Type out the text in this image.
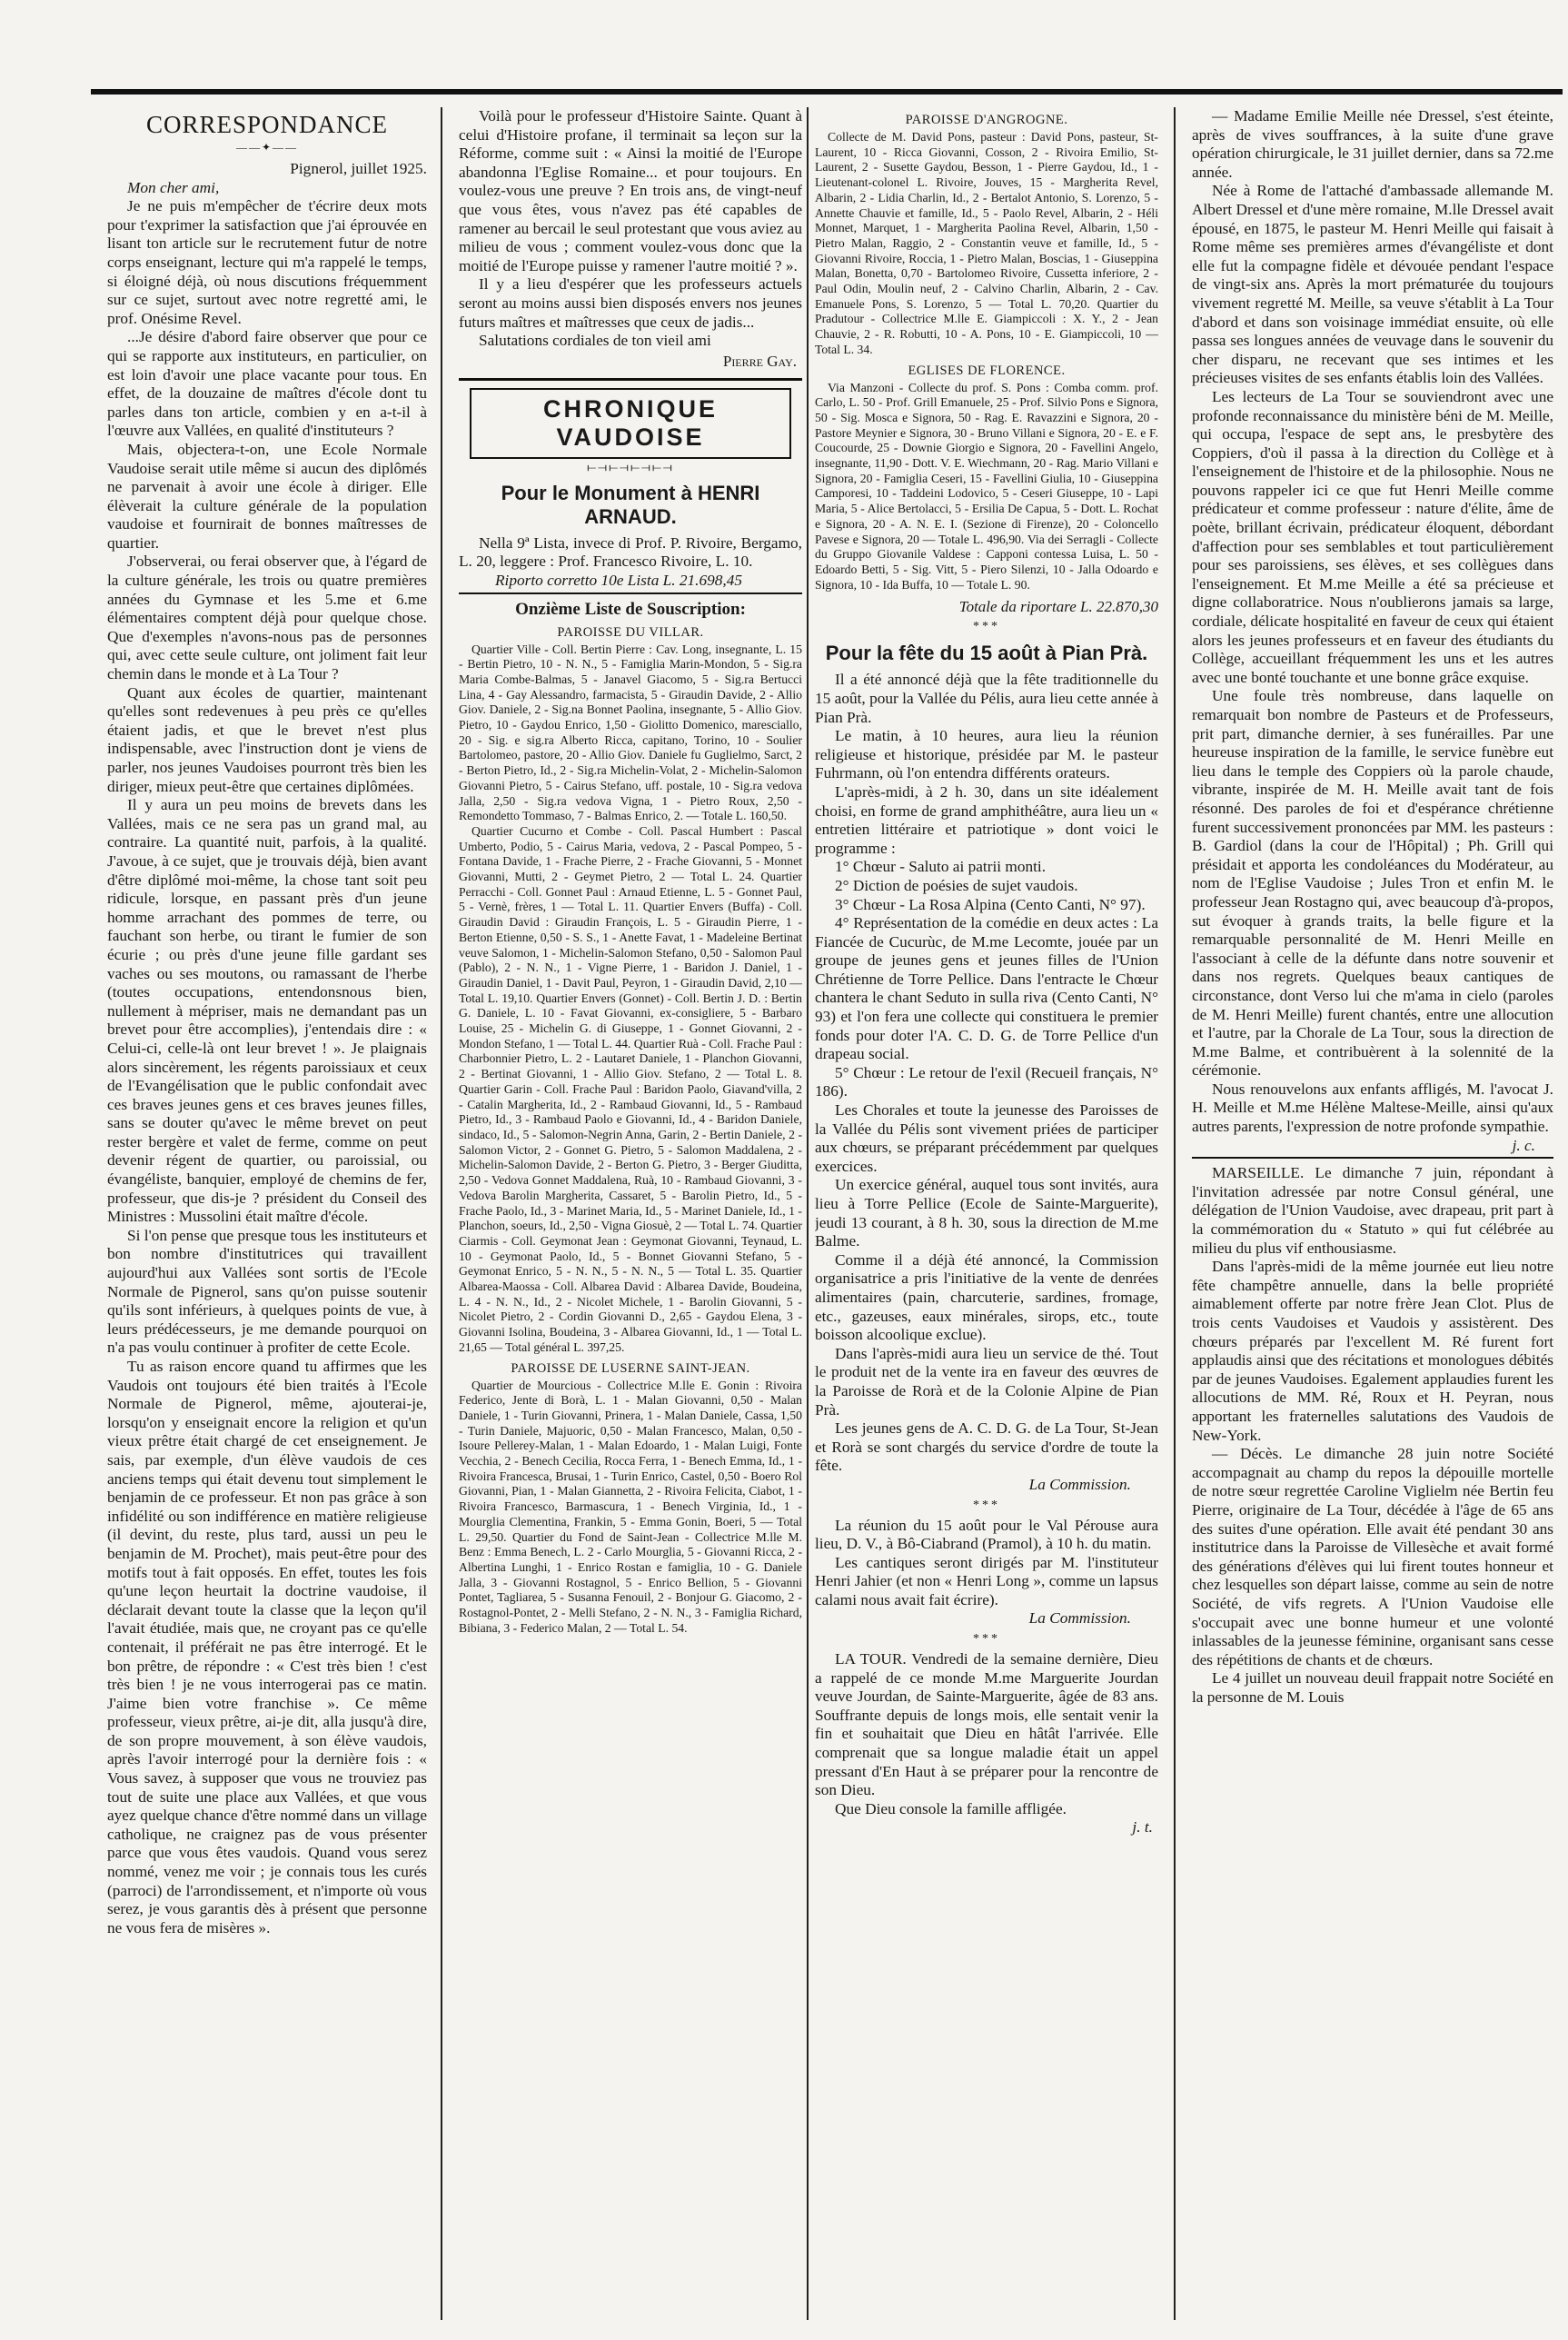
CORRESPONDANCE
——✦——

Pignerol, juillet 1925.

Mon cher ami,

Je ne puis m'empêcher de t'écrire deux mots pour t'exprimer la satisfaction que j'ai éprouvée en lisant ton article sur le recrutement futur de notre corps enseignant, lecture qui m'a rappelé le temps, si éloigné déjà, où nous discutions fréquemment sur ce sujet, surtout avec notre regretté ami, le prof. Onésime Revel.

...Je désire d'abord faire observer que pour ce qui se rapporte aux instituteurs, en particulier, on est loin d'avoir une place vacante pour tous. En effet, de la douzaine de maîtres d'école dont tu parles dans ton article, combien y en a-t-il à l'œuvre aux Vallées, en qualité d'instituteurs ?

Mais, objectera-t-on, une Ecole Normale Vaudoise serait utile même si aucun des diplômés ne parvenait à avoir une école à diriger. Elle élèverait la culture générale de la population vaudoise et fournirait de bonnes maîtresses de quartier.

J'observerai, ou ferai observer que, à l'égard de la culture générale, les trois ou quatre premières années du Gymnase et les 5.me et 6.me élémentaires comptent déjà pour quelque chose. Que d'exemples n'avons-nous pas de personnes qui, avec cette seule culture, ont joliment fait leur chemin dans le monde et à La Tour ?

Quant aux écoles de quartier, maintenant qu'elles sont redevenues à peu près ce qu'elles étaient jadis, et que le brevet n'est plus indispensable, avec l'instruction dont je viens de parler, nos jeunes Vaudoises pourront très bien les diriger, mieux peut-être que certaines diplômées.

Il y aura un peu moins de brevets dans les Vallées, mais ce ne sera pas un grand mal, au contraire. La quantité nuit, parfois, à la qualité. J'avoue, à ce sujet, que je trouvais déjà, bien avant d'être diplômé moi-même, la chose tant soit peu ridicule, lorsque, en passant près d'un jeune homme arrachant des pommes de terre, ou fauchant son herbe, ou tirant le fumier de son écurie ; ou près d'une jeune fille gardant ses vaches ou ses moutons, ou ramassant de l'herbe (toutes occupations, entendonsnous bien, nullement à mépriser, mais ne demandant pas un brevet pour être accomplies), j'entendais dire : « Celui-ci, celle-là ont leur brevet ! ». Je plaignais alors sincèrement, les régents paroissiaux et ceux de l'Evangélisation que le public confondait avec ces braves jeunes gens et ces braves jeunes filles, sans se douter qu'avec le même brevet on peut rester bergère et valet de ferme, comme on peut devenir régent de quartier, ou paroissial, ou évangéliste, banquier, employé de chemins de fer, professeur, que dis-je ? président du Conseil des Ministres : Mussolini était maître d'école.

Si l'on pense que presque tous les instituteurs et bon nombre d'institutrices qui travaillent aujourd'hui aux Vallées sont sortis de l'Ecole Normale de Pignerol, sans qu'on puisse soutenir qu'ils sont inférieurs, à quelques points de vue, à leurs prédécesseurs, je me demande pourquoi on n'a pas voulu continuer à profiter de cette Ecole.

Tu as raison encore quand tu affirmes que les Vaudois ont toujours été bien traités à l'Ecole Normale de Pignerol, même, ajouterai-je, lorsqu'on y enseignait encore la religion et qu'un vieux prêtre était chargé de cet enseignement. Je sais, par exemple, d'un élève vaudois de ces anciens temps qui était devenu tout simplement le benjamin de ce professeur. Et non pas grâce à son infidélité ou son indifférence en matière religieuse (il devint, du reste, plus tard, aussi un peu le benjamin de M. Prochet), mais peut-être pour des motifs tout à fait opposés. En effet, toutes les fois qu'une leçon heurtait la doctrine vaudoise, il déclarait devant toute la classe que la leçon qu'il l'avait étudiée, mais que, ne croyant pas ce qu'elle contenait, il préférait ne pas être interrogé. Et le bon prêtre, de répondre : « C'est très bien ! c'est très bien ! je ne vous interrogerai pas ce matin. J'aime bien votre franchise ». Ce même professeur, vieux prêtre, ai-je dit, alla jusqu'à dire, de son propre mouvement, à son élève vaudois, après l'avoir interrogé pour la dernière fois : « Vous savez, à supposer que vous ne trouviez pas tout de suite une place aux Vallées, et que vous ayez quelque chance d'être nommé dans un village catholique, ne craignez pas de vous présenter parce que vous êtes vaudois. Quand vous serez nommé, venez me voir ; je connais tous les curés (parroci) de l'arrondissement, et n'importe où vous serez, je vous garantis dès à présent que personne ne vous fera de misères ».

Voilà pour le professeur d'Histoire Sainte. Quant à celui d'Histoire profane, il terminait sa leçon sur la Réforme, comme suit : « Ainsi la moitié de l'Europe abandonna l'Eglise Romaine... et pour toujours. En voulez-vous une preuve ? En trois ans, de vingt-neuf que vous êtes, vous n'avez pas été capables de ramener au bercail le seul protestant que vous aviez au milieu de vous ; comment voulez-vous donc que la moitié de l'Europe puisse y ramener l'autre moitié ? ».

Il y a lieu d'espérer que les professeurs actuels seront au moins aussi bien disposés envers nos jeunes futurs maîtres et maîtresses que ceux de jadis...

Salutations cordiales de ton vieil ami

Pierre Gay.
CHRONIQUE VAUDOISE
⟝⟞⟝⟞⟝⟞⟝⟞
Pour le Monument à HENRI ARNAUD.

Nella 9ª Lista, invece di Prof. P. Rivoire, Bergamo, L. 20, leggere : Prof. Francesco Rivoire, L. 10.

Riporto corretto 10e Lista L. 21.698,45

Onzième Liste de Souscription:
PAROISSE DU VILLAR.

Quartier Ville - Coll. Bertin Pierre : Cav. Long, insegnante, L. 15 - Bertin Pietro, 10 - N. N., 5 - Famiglia Marin-Mondon, 5 - Sig.ra Maria Combe-Balmas, 5 - Janavel Giacomo, 5 - Sig.ra Bertucci Lina, 4 - Gay Alessandro, farmacista, 5 - Giraudin Davide, 2 - Allio Giov. Daniele, 2 - Sig.na Bonnet Paolina, insegnante, 5 - Allio Giov. Pietro, 10 - Gaydou Enrico, 1,50 - Giolitto Domenico, maresciallo, 20 - Sig. e sig.ra Alberto Ricca, capitano, Torino, 10 - Soulier Bartolomeo, pastore, 20 - Allio Giov. Daniele fu Guglielmo, Sarct, 2 - Berton Pietro, Id., 2 - Sig.ra Michelin-Volat, 2 - Michelin-Salomon Giovanni Pietro, 5 - Cairus Stefano, uff. postale, 10 - Sig.ra vedova Jalla, 2,50 - Sig.ra vedova Vigna, 1 - Pietro Roux, 2,50 - Remondetto Tommaso, 7 - Balmas Enrico, 2. — Totale L. 160,50.

Quartier Cucurno et Combe - Coll. Pascal Humbert : Pascal Umberto, Podio, 5 - Cairus Maria, vedova, 2 - Pascal Pompeo, 5 - Fontana Davide, 1 - Frache Pierre, 2 - Frache Giovanni, 5 - Monnet Giovanni, Mutti, 2 - Geymet Pietro, 2 — Total L. 24. Quartier Perracchi - Coll. Gonnet Paul : Arnaud Etienne, L. 5 - Gonnet Paul, 5 - Vernè, frères, 1 — Total L. 11. Quartier Envers (Buffa) - Coll. Giraudin David : Giraudin François, L. 5 - Giraudin Pierre, 1 - Berton Etienne, 0,50 - S. S., 1 - Anette Favat, 1 - Madeleine Bertinat veuve Salomon, 1 - Michelin-Salomon Stefano, 0,50 - Salomon Paul (Pablo), 2 - N. N., 1 - Vigne Pierre, 1 - Baridon J. Daniel, 1 - Giraudin Daniel, 1 - Davit Paul, Peyron, 1 - Giraudin David, 2,10 — Total L. 19,10. Quartier Envers (Gonnet) - Coll. Bertin J. D. : Bertin G. Daniele, L. 10 - Favat Giovanni, ex-consigliere, 5 - Barbaro Louise, 25 - Michelin G. di Giuseppe, 1 - Gonnet Giovanni, 2 - Mondon Stefano, 1 — Total L. 44. Quartier Ruà - Coll. Frache Paul : Charbonnier Pietro, L. 2 - Lautaret Daniele, 1 - Planchon Giovanni, 2 - Bertinat Giovanni, 1 - Allio Giov. Stefano, 2 — Total L. 8. Quartier Garin - Coll. Frache Paul : Baridon Paolo, Giavand'villa, 2 - Catalin Margherita, Id., 2 - Rambaud Giovanni, Id., 5 - Rambaud Pietro, Id., 3 - Rambaud Paolo e Giovanni, Id., 4 - Baridon Daniele, sindaco, Id., 5 - Salomon-Negrin Anna, Garin, 2 - Bertin Daniele, 2 - Salomon Victor, 2 - Gonnet G. Pietro, 5 - Salomon Maddalena, 2 - Michelin-Salomon Davide, 2 - Berton G. Pietro, 3 - Berger Giuditta, 2,50 - Vedova Gonnet Maddalena, Ruà, 10 - Rambaud Giovanni, 3 - Vedova Barolin Margherita, Cassaret, 5 - Barolin Pietro, Id., 5 - Frache Paolo, Id., 3 - Marinet Maria, Id., 5 - Marinet Daniele, Id., 1 - Planchon, soeurs, Id., 2,50 - Vigna Giosuè, 2 — Total L. 74. Quartier Ciarmis - Coll. Geymonat Jean : Geymonat Giovanni, Teynaud, L. 10 - Geymonat Paolo, Id., 5 - Bonnet Giovanni Stefano, 5 - Geymonat Enrico, 5 - N. N., 5 - N. N., 5 — Total L. 35. Quartier Albarea-Maossa - Coll. Albarea David : Albarea Davide, Boudeina, L. 4 - N. N., Id., 2 - Nicolet Michele, 1 - Barolin Giovanni, 5 - Nicolet Pietro, 2 - Cordin Giovanni D., 2,65 - Gaydou Elena, 3 - Giovanni Isolina, Boudeina, 3 - Albarea Giovanni, Id., 1 — Total L. 21,65 — Total général L. 397,25.

PAROISSE DE LUSERNE SAINT-JEAN.

Quartier de Mourcious - Collectrice M.lle E. Gonin : Rivoira Federico, Jente di Borà, L. 1 - Malan Giovanni, 0,50 - Malan Daniele, 1 - Turin Giovanni, Prinera, 1 - Malan Daniele, Cassa, 1,50 - Turin Daniele, Majuoric, 0,50 - Malan Francesco, Malan, 0,50 - Isoure Pellerey-Malan, 1 - Malan Edoardo, 1 - Malan Luigi, Fonte Vecchia, 2 - Benech Cecilia, Rocca Ferra, 1 - Benech Emma, Id., 1 - Rivoira Francesca, Brusai, 1 - Turin Enrico, Castel, 0,50 - Boero Rol Giovanni, Pian, 1 - Malan Giannetta, 2 - Rivoira Felicita, Ciabot, 1 - Rivoira Francesco, Barmascura, 1 - Benech Virginia, Id., 1 - Mourglia Clementina, Frankin, 5 - Emma Gonin, Boeri, 5 — Total L. 29,50. Quartier du Fond de Saint-Jean - Collectrice M.lle M. Benz : Emma Benech, L. 2 - Carlo Mourglia, 5 - Giovanni Ricca, 2 - Albertina Lunghi, 1 - Enrico Rostan e famiglia, 10 - G. Daniele Jalla, 3 - Giovanni Rostagnol, 5 - Enrico Bellion, 5 - Giovanni Pontet, Tagliarea, 5 - Susanna Fenouil, 2 - Bonjour G. Giacomo, 2 - Rostagnol-Pontet, 2 - Melli Stefano, 2 - N. N., 3 - Famiglia Richard, Bibiana, 3 - Federico Malan, 2 — Total L. 54.

PAROISSE D'ANGROGNE.

Collecte de M. David Pons, pasteur : David Pons, pasteur, St-Laurent, 10 - Ricca Giovanni, Cosson, 2 - Rivoira Emilio, St-Laurent, 2 - Susette Gaydou, Besson, 1 - Pierre Gaydou, Id., 1 - Lieutenant-colonel L. Rivoire, Jouves, 15 - Margherita Revel, Albarin, 2 - Lidia Charlin, Id., 2 - Bertalot Antonio, S. Lorenzo, 5 - Annette Chauvie et famille, Id., 5 - Paolo Revel, Albarin, 2 - Héli Monnet, Marquet, 1 - Margherita Paolina Revel, Albarin, 1,50 - Pietro Malan, Raggio, 2 - Constantin veuve et famille, Id., 5 - Giovanni Rivoire, Roccia, 1 - Pietro Malan, Boscias, 1 - Giuseppina Malan, Bonetta, 0,70 - Bartolomeo Rivoire, Cussetta inferiore, 2 - Paul Odin, Moulin neuf, 2 - Calvino Charlin, Albarin, 2 - Cav. Emanuele Pons, S. Lorenzo, 5 — Total L. 70,20. Quartier du Pradutour - Collectrice M.lle E. Giampiccoli : X. Y., 2 - Jean Chauvie, 2 - R. Robutti, 10 - A. Pons, 10 - E. Giampiccoli, 10 — Total L. 34.

EGLISES DE FLORENCE.

Via Manzoni - Collecte du prof. S. Pons : Comba comm. prof. Carlo, L. 50 - Prof. Grill Emanuele, 25 - Prof. Silvio Pons e Signora, 50 - Sig. Mosca e Signora, 50 - Rag. E. Ravazzini e Signora, 20 - Pastore Meynier e Signora, 30 - Bruno Villani e Signora, 20 - E. e F. Coucourde, 25 - Downie Giorgio e Signora, 20 - Favellini Angelo, insegnante, 11,90 - Dott. V. E. Wiechmann, 20 - Rag. Mario Villani e Signora, 20 - Famiglia Ceseri, 15 - Favellini Giulia, 10 - Giuseppina Camporesi, 10 - Taddeini Lodovico, 5 - Ceseri Giuseppe, 10 - Lapi Maria, 5 - Alice Bertolacci, 5 - Ersilia De Capua, 5 - Dott. L. Rochat e Signora, 20 - A. N. E. I. (Sezione di Firenze), 20 - Coloncello Pavese e Signora, 20 — Totale L. 496,90. Via dei Serragli - Collecte du Gruppo Giovanile Valdese : Capponi contessa Luisa, L. 50 - Edoardo Betti, 5 - Sig. Vitt, 5 - Piero Silenzi, 10 - Jalla Odoardo e Signora, 10 - Ida Buffa, 10 — Totale L. 90.

Totale da riportare L. 22.870,30
***
Pour la fête du 15 août à Pian Prà.

Il a été annoncé déjà que la fête traditionnelle du 15 août, pour la Vallée du Pélis, aura lieu cette année à Pian Prà.

Le matin, à 10 heures, aura lieu la réunion religieuse et historique, présidée par M. le pasteur Fuhrmann, où l'on entendra différents orateurs.

L'après-midi, à 2 h. 30, dans un site idéalement choisi, en forme de grand amphithéâtre, aura lieu un « entretien littéraire et patriotique » dont voici le programme :

1° Chœur - Saluto ai patrii monti.

2° Diction de poésies de sujet vaudois.

3° Chœur - La Rosa Alpina (Cento Canti, N° 97).

4° Représentation de la comédie en deux actes : La Fiancée de Cucurùc, de M.me Lecomte, jouée par un groupe de jeunes gens et jeunes filles de l'Union Chrétienne de Torre Pellice. Dans l'entracte le Chœur chantera le chant Seduto in sulla riva (Cento Canti, N° 93) et l'on fera une collecte qui constituera le premier fonds pour doter l'A. C. D. G. de Torre Pellice d'un drapeau social.

5° Chœur : Le retour de l'exil (Recueil français, N° 186).

Les Chorales et toute la jeunesse des Paroisses de la Vallée du Pélis sont vivement priées de participer aux chœurs, se préparant précédemment par quelques exercices.

Un exercice général, auquel tous sont invités, aura lieu à Torre Pellice (Ecole de Sainte-Marguerite), jeudi 13 courant, à 8 h. 30, sous la direction de M.me Balme.

Comme il a déjà été annoncé, la Commission organisatrice a pris l'initiative de la vente de denrées alimentaires (pain, charcuterie, sardines, fromage, etc., gazeuses, eaux minérales, sirops, etc., toute boisson alcoolique exclue).

Dans l'après-midi aura lieu un service de thé. Tout le produit net de la vente ira en faveur des œuvres de la Paroisse de Rorà et de la Colonie Alpine de Pian Prà.

Les jeunes gens de A. C. D. G. de La Tour, St-Jean et Rorà se sont chargés du service d'ordre de toute la fête.

La Commission.

***

La réunion du 15 août pour le Val Pérouse aura lieu, D. V., à Bô-Ciabrand (Pramol), à 10 h. du matin.

Les cantiques seront dirigés par M. l'instituteur Henri Jahier (et non « Henri Long », comme un lapsus calami nous avait fait écrire).

La Commission.

***

LA TOUR. Vendredi de la semaine dernière, Dieu a rappelé de ce monde M.me Marguerite Jourdan veuve Jourdan, de Sainte-Marguerite, âgée de 83 ans. Souffrante depuis de longs mois, elle sentait venir la fin et souhaitait que Dieu en hâtât l'arrivée. Elle comprenait que sa longue maladie était un appel pressant d'En Haut à se préparer pour la rencontre de son Dieu.

Que Dieu console la famille affligée.

j. t.

— Madame Emilie Meille née Dressel, s'est éteinte, après de vives souffrances, à la suite d'une grave opération chirurgicale, le 31 juillet dernier, dans sa 72.me année.

Née à Rome de l'attaché d'ambassade allemande M. Albert Dressel et d'une mère romaine, M.lle Dressel avait épousé, en 1875, le pasteur M. Henri Meille qui faisait à Rome même ses premières armes d'évangéliste et dont elle fut la compagne fidèle et dévouée pendant l'espace de vingt-six ans. Après la mort prématurée du toujours vivement regretté M. Meille, sa veuve s'établit à La Tour d'abord et dans son voisinage immédiat ensuite, où elle passa ses longues années de veuvage dans le souvenir du cher disparu, ne recevant que ses intimes et les précieuses visites de ses enfants établis loin des Vallées.

Les lecteurs de La Tour se souviendront avec une profonde reconnaissance du ministère béni de M. Meille, qui occupa, l'espace de sept ans, le presbytère des Coppiers, d'où il passa à la direction du Collège et à l'enseignement de l'histoire et de la philosophie. Nous ne pouvons rappeler ici ce que fut Henri Meille comme prédicateur et comme professeur : nature d'élite, âme de poète, brillant écrivain, prédicateur éloquent, débordant d'affection pour ses semblables et tout particulièrement pour ses paroissiens, ses élèves, et ses collègues dans l'enseignement. Et M.me Meille a été sa précieuse et digne collaboratrice. Nous n'oublierons jamais sa large, cordiale, délicate hospitalité en faveur de ceux qui étaient alors les jeunes professeurs et en faveur des étudiants du Collège, accueillant fréquemment les uns et les autres avec une bonté touchante et une bonne grâce exquise.

Une foule très nombreuse, dans laquelle on remarquait bon nombre de Pasteurs et de Professeurs, prit part, dimanche dernier, à ses funérailles. Par une heureuse inspiration de la famille, le service funèbre eut lieu dans le temple des Coppiers où la parole chaude, vibrante, inspirée de M. H. Meille avait tant de fois résonné. Des paroles de foi et d'espérance chrétienne furent successivement prononcées par MM. les pasteurs : B. Gardiol (dans la cour de l'Hôpital) ; Ph. Grill qui présidait et apporta les condoléances du Modérateur, au nom de l'Eglise Vaudoise ; Jules Tron et enfin M. le professeur Jean Rostagno qui, avec beaucoup d'à-propos, sut évoquer à grands traits, la belle figure et la remarquable personnalité de M. Henri Meille en l'associant à celle de la défunte dans notre souvenir et dans nos regrets. Quelques beaux cantiques de circonstance, dont Verso lui che m'ama in cielo (paroles de M. Henri Meille) furent chantés, entre une allocution et l'autre, par la Chorale de La Tour, sous la direction de M.me Balme, et contribuèrent à la solennité de la cérémonie.

Nous renouvelons aux enfants affligés, M. l'avocat J. H. Meille et M.me Hélène Maltese-Meille, ainsi qu'aux autres parents, l'expression de notre profonde sympathie.

j. c.

MARSEILLE. Le dimanche 7 juin, répondant à l'invitation adressée par notre Consul général, une délégation de l'Union Vaudoise, avec drapeau, prit part à la commémoration du « Statuto » qui fut célébrée au milieu du plus vif enthousiasme.

Dans l'après-midi de la même journée eut lieu notre fête champêtre annuelle, dans la belle propriété aimablement offerte par notre frère Jean Clot. Plus de trois cents Vaudoises et Vaudois y assistèrent. Des chœurs préparés par l'excellent M. Ré furent fort applaudis ainsi que des récitations et monologues débités par de jeunes Vaudoises. Egalement applaudies furent les allocutions de MM. Ré, Roux et H. Peyran, nous apportant les fraternelles salutations des Vaudois de New-York.

— Décès. Le dimanche 28 juin notre Société accompagnait au champ du repos la dépouille mortelle de notre sœur regrettée Caroline Viglielm née Bertin feu Pierre, originaire de La Tour, décédée à l'âge de 65 ans des suites d'une opération. Elle avait été pendant 30 ans institutrice dans la Paroisse de Villesèche et avait formé des générations d'élèves qui lui firent toutes honneur et chez lesquelles son départ laisse, comme au sein de notre Société, de vifs regrets. A l'Union Vaudoise elle s'occupait avec une bonne humeur et une volonté inlassables de la jeunesse féminine, organisant sans cesse des répétitions de chants et de chœurs.

Le 4 juillet un nouveau deuil frappait notre Société en la personne de M. Louis
